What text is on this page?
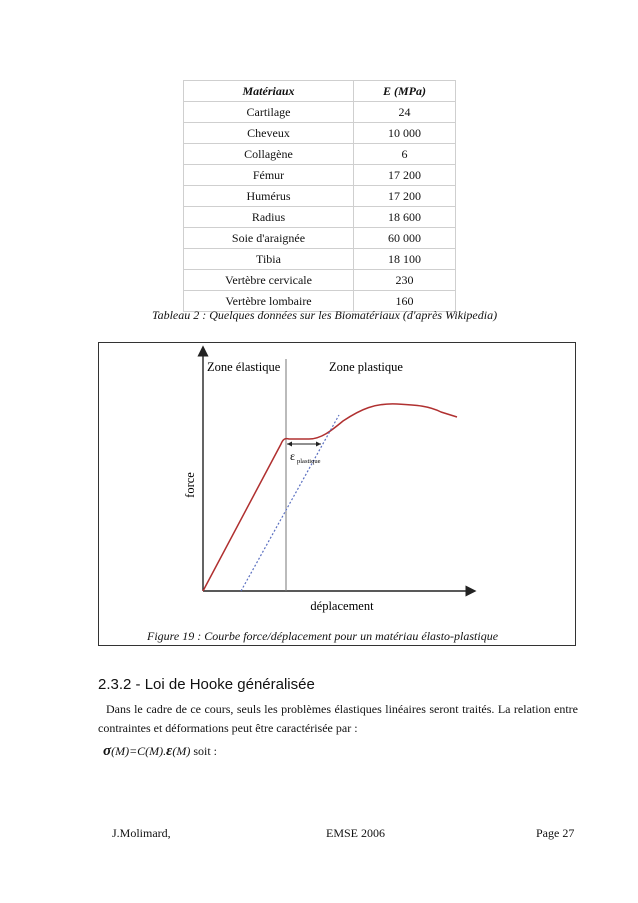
Matériaux	E (MPa)
Cartilage	24
Cheveux	10 000
Collagène	6
Fémur	17 200
Humérus	17 200
Radius	18 600
Soie d'araignée	60 000
Tibia	18 100
Vertèbre cervicale	230
Vertèbre lombaire	160
Tableau 2 : Quelques données sur les Biomatériaux (d'après Wikipedia)
Zone élastique	Zone plastique
force
déplacement
ε plastique
Figure 19 : Courbe force/déplacement pour un matériau élasto-plastique
2.3.2 - Loi de Hooke généralisée

Dans le cadre de ce cours, seuls les problèmes élastiques linéaires seront traités. La relation entre contraintes et déformations peut être caractérisée par :

σ(M)=C(M).ε(M) soit :
J.Molimard,	EMSE 2006	Page 27
